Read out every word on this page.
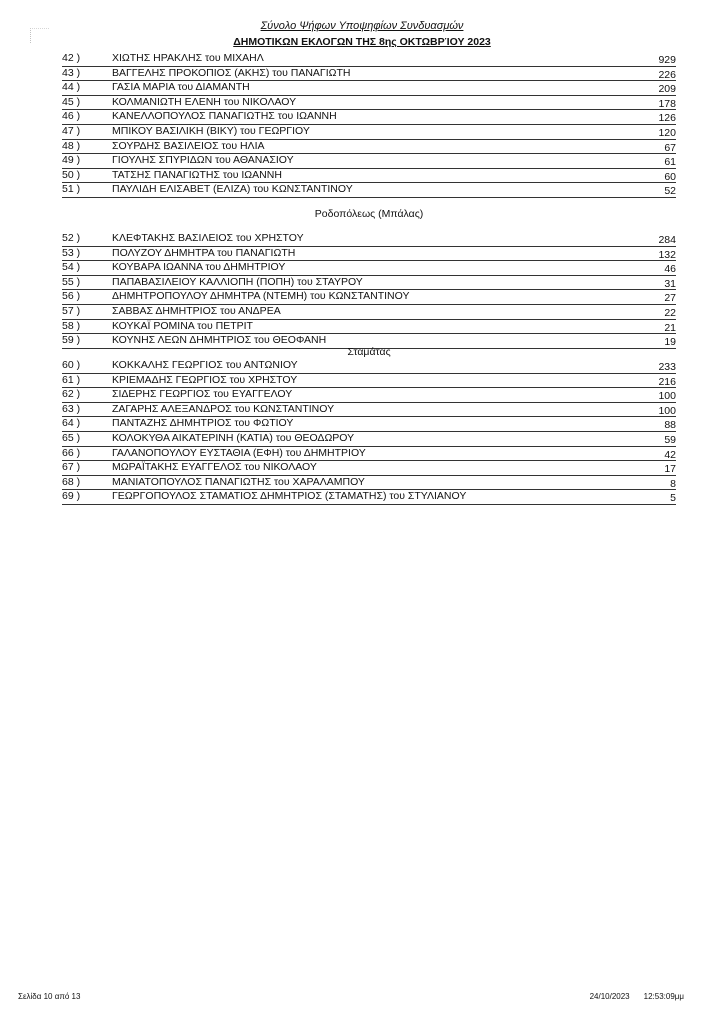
Σύνολο Ψήφων Υποψηφίων Συνδυασμών
ΔΗΜΟΤΙΚΩΝ ΕΚΛΟΓΩΝ ΤΗΣ 8ης ΟΚΤΩΒΡΊΟΥ 2023
42 )	ΧΙΩΤΗΣ ΗΡΑΚΛΗΣ του ΜΙΧΑΗΛ	929
43 )	ΒΑΓΓΕΛΗΣ ΠΡΟΚΟΠΙΟΣ (ΑΚΗΣ) του ΠΑΝΑΓΙΩΤΗ	226
44 )	ΓΑΣΙΑ ΜΑΡΙΑ του ΔΙΑΜΑΝΤΗ	209
45 )	ΚΟΛΜΑΝΙΩΤΗ ΕΛΕΝΗ του ΝΙΚΟΛΑΟΥ	178
46 )	ΚΑΝΕΛΛΟΠΟΥΛΟΣ ΠΑΝΑΓΙΩΤΗΣ του ΙΩΑΝΝΗ	126
47 )	ΜΠΙΚΟΥ ΒΑΣΙΛΙΚΗ (ΒΙΚΥ) του ΓΕΩΡΓΙΟΥ	120
48 )	ΣΟΥΡΔΗΣ ΒΑΣΙΛΕΙΟΣ του ΗΛΙΑ	67
49 )	ΓΙΟΥΛΗΣ ΣΠΥΡΙΔΩΝ του ΑΘΑΝΑΣΙΟΥ	61
50 )	ΤΑΤΣΗΣ ΠΑΝΑΓΙΩΤΗΣ του ΙΩΑΝΝΗ	60
51 )	ΠΑΥΛΙΔΗ ΕΛΙΣΑΒΕΤ (ΕΛΙΖΑ) του ΚΩΝΣΤΑΝΤΙΝΟΥ	52
Ροδοπόλεως (Μπάλας)
52 )	ΚΛΕΦΤΑΚΗΣ ΒΑΣΙΛΕΙΟΣ του ΧΡΗΣΤΟΥ	284
53 )	ΠΟΛΥΖΟΥ ΔΗΜΗΤΡΑ του ΠΑΝΑΓΙΩΤΗ	132
54 )	ΚΟΥΒΑΡΑ ΙΩΑΝΝΑ του ΔΗΜΗΤΡΙΟΥ	46
55 )	ΠΑΠΑΒΑΣΙΛΕΙΟΥ ΚΑΛΛΙΟΠΗ (ΠΟΠΗ) του ΣΤΑΥΡΟΥ	31
56 )	ΔΗΜΗΤΡΟΠΟΥΛΟΥ ΔΗΜΗΤΡΑ (ΝΤΕΜΗ) του ΚΩΝΣΤΑΝΤΙΝΟΥ	27
57 )	ΣΑΒΒΑΣ ΔΗΜΗΤΡΙΟΣ του ΑΝΔΡΕΑ	22
58 )	ΚΟΥΚΑΪ ΡΟΜΙΝΑ του ΠΕΤΡΙΤ	21
59 )	ΚΟΥΝΗΣ ΛΕΩΝ ΔΗΜΗΤΡΙΟΣ του ΘΕΟΦΑΝΗ	19
Σταμάτας
60 )	ΚΟΚΚΑΛΗΣ ΓΕΩΡΓΙΟΣ του ΑΝΤΩΝΙΟΥ	233
61 )	ΚΡΙΕΜΑΔΗΣ ΓΕΩΡΓΙΟΣ του ΧΡΗΣΤΟΥ	216
62 )	ΣΙΔΕΡΗΣ ΓΕΩΡΓΙΟΣ του ΕΥΑΓΓΕΛΟΥ	100
63 )	ΖΑΓΑΡΗΣ ΑΛΕΞΑΝΔΡΟΣ του ΚΩΝΣΤΑΝΤΙΝΟΥ	100
64 )	ΠΑΝΤΑΖΗΣ ΔΗΜΗΤΡΙΟΣ του ΦΩΤΙΟΥ	88
65 )	ΚΟΛΟΚΥΘΑ ΑΙΚΑΤΕΡΙΝΗ (ΚΑΤΙΑ) του ΘΕΟΔΩΡΟΥ	59
66 )	ΓΑΛΑΝΟΠΟΥΛΟΥ ΕΥΣΤΑΘΙΑ (ΕΦΗ) του ΔΗΜΗΤΡΙΟΥ	42
67 )	ΜΩΡΑΪΤΑΚΗΣ ΕΥΑΓΓΕΛΟΣ του ΝΙΚΟΛΑΟΥ	17
68 )	ΜΑΝΙΑΤΟΠΟΥΛΟΣ ΠΑΝΑΓΙΩΤΗΣ του ΧΑΡΑΛΑΜΠΟΥ	8
69 )	ΓΕΩΡΓΟΠΟΥΛΟΣ ΣΤΑΜΑΤΙΟΣ ΔΗΜΗΤΡΙΟΣ (ΣΤΑΜΑΤΗΣ) του ΣΤΥΛΙΑΝΟΥ	5
Σελίδα 10 από 13	24/10/2023 12:53:09μμ
